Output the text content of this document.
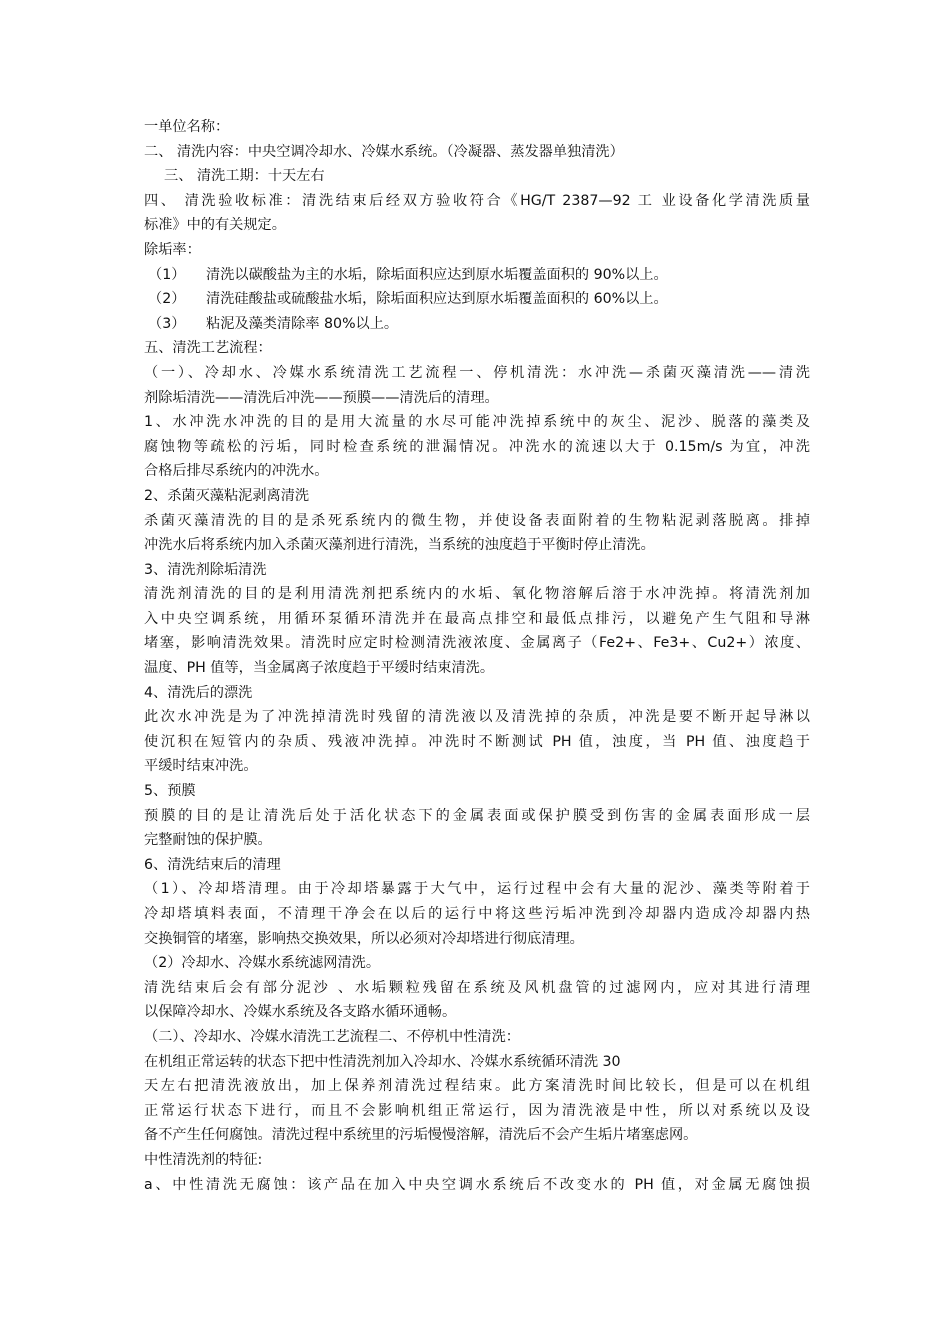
一单位名称：
二、 清洗内容：中央空调冷却水、冷媒水系统。（冷凝器、蒸发器单独清洗）
三、 清洗工期：十天左右
四、 清洗验收标准：清洗结束后经双方验收符合《HG/T 2387—92 工 业设备化学清洗质量
标准》中的有关规定。
除垢率：
（1） 清洗以碳酸盐为主的水垢，除垢面积应达到原水垢覆盖面积的 90%以上。
（2） 清洗硅酸盐或硫酸盐水垢，除垢面积应达到原水垢覆盖面积的 60%以上。
（3） 粘泥及藻类清除率 80%以上。
五、清洗工艺流程：
（一）、冷却水、冷媒水系统清洗工艺流程一、停机清洗：水冲洗—杀菌灭藻清洗——清洗
剂除垢清洗——清洗后冲洗——预膜——清洗后的清理。
1、水冲洗水冲洗的目的是用大流量的水尽可能冲洗掉系统中的灰尘、泥沙、脱落的藻类及
腐蚀物等疏松的污垢，同时检查系统的泄漏情况。冲洗水的流速以大于 0.15m/s 为宜，冲洗
合格后排尽系统内的冲洗水。
2、杀菌灭藻粘泥剥离清洗
杀菌灭藻清洗的目的是杀死系统内的微生物，并使设备表面附着的生物粘泥剥落脱离。排掉
冲洗水后将系统内加入杀菌灭藻剂进行清洗，当系统的浊度趋于平衡时停止清洗。
3、清洗剂除垢清洗
清洗剂清洗的目的是利用清洗剂把系统内的水垢、氧化物溶解后溶于水冲洗掉。将清洗剂加
入中央空调系统，用循环泵循环清洗并在最高点排空和最低点排污，以避免产生气阻和导淋
堵塞，影响清洗效果。清洗时应定时检测清洗液浓度、金属离子（Fe2+、Fe3+、Cu2+）浓度、
温度、PH 值等，当金属离子浓度趋于平缓时结束清洗。
4、清洗后的漂洗
此次水冲洗是为了冲洗掉清洗时残留的清洗液以及清洗掉的杂质，冲洗是要不断开起导淋以
使沉积在短管内的杂质、残液冲洗掉。冲洗时不断测试 PH 值，浊度，当 PH 值、浊度趋于
平缓时结束冲洗。
5、预膜
预膜的目的是让清洗后处于活化状态下的金属表面或保护膜受到伤害的金属表面形成一层
完整耐蚀的保护膜。
6、清洗结束后的清理
（1）、冷却塔清理。由于冷却塔暴露于大气中，运行过程中会有大量的泥沙、藻类等附着于
冷却塔填料表面，不清理干净会在以后的运行中将这些污垢冲洗到冷却器内造成冷却器内热
交换铜管的堵塞，影响热交换效果，所以必须对冷却塔进行彻底清理。
（2）冷却水、冷媒水系统滤网清洗。
清洗结束后会有部分泥沙 、水垢颗粒残留在系统及风机盘管的过滤网内，应对其进行清理
以保障冷却水、冷媒水系统及各支路水循环通畅。
（二）、冷却水、冷媒水清洗工艺流程二、不停机中性清洗：
在机组正常运转的状态下把中性清洗剂加入冷却水、冷媒水系统循环清洗 30
天左右把清洗液放出，加上保养剂清洗过程结束。此方案清洗时间比较长，但是可以在机组
正常运行状态下进行，而且不会影响机组正常运行，因为清洗液是中性，所以对系统以及设
备不产生任何腐蚀。清洗过程中系统里的污垢慢慢溶解，清洗后不会产生垢片堵塞虑网。
中性清洗剂的特征:
a、中性清洗无腐蚀：该产品在加入中央空调水系统后不改变水的 PH 值，对金属无腐蚀损
